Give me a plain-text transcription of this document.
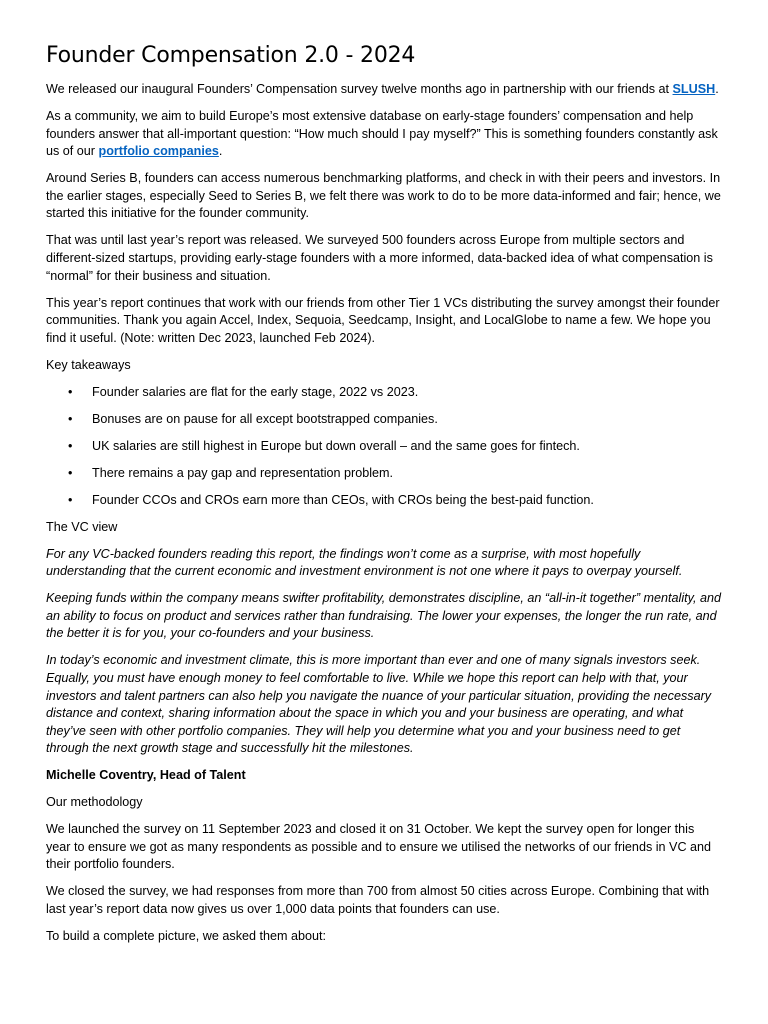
Founder Compensation 2.0 - 2024

We released our inaugural Founders’ Compensation survey twelve months ago in partnership with our friends at SLUSH.

As a community, we aim to build Europe’s most extensive database on early-stage founders’ compensation and help founders answer that all-important question: “How much should I pay myself?” This is something founders constantly ask us of our portfolio companies.

Around Series B, founders can access numerous benchmarking platforms, and check in with their peers and investors. In the earlier stages, especially Seed to Series B, we felt there was work to do to be more data-informed and fair; hence, we started this initiative for the founder community.

That was until last year’s report was released. We surveyed 500 founders across Europe from multiple sectors and different-sized startups, providing early-stage founders with a more informed, data-backed idea of what compensation is “normal” for their business and situation.

This year’s report continues that work with our friends from other Tier 1 VCs distributing the survey amongst their founder communities. Thank you again Accel, Index, Sequoia, Seedcamp, Insight, and LocalGlobe to name a few. We hope you find it useful. (Note: written Dec 2023, launched Feb 2024).

Key takeaways

• Founder salaries are flat for the early stage, 2022 vs 2023.
• Bonuses are on pause for all except bootstrapped companies.
• UK salaries are still highest in Europe but down overall – and the same goes for fintech.
• There remains a pay gap and representation problem.
• Founder CCOs and CROs earn more than CEOs, with CROs being the best-paid function.

The VC view

For any VC-backed founders reading this report, the findings won’t come as a surprise, with most hopefully understanding that the current economic and investment environment is not one where it pays to overpay yourself.

Keeping funds within the company means swifter profitability, demonstrates discipline, an “all-in-it together” mentality, and an ability to focus on product and services rather than fundraising. The lower your expenses, the longer the run rate, and the better it is for you, your co-founders and your business.

In today’s economic and investment climate, this is more important than ever and one of many signals investors seek. Equally, you must have enough money to feel comfortable to live. While we hope this report can help with that, your investors and talent partners can also help you navigate the nuance of your particular situation, providing the necessary distance and context, sharing information about the space in which you and your business are operating, and what they’ve seen with other portfolio companies. They will help you determine what you and your business need to get through the next growth stage and successfully hit the milestones.

Michelle Coventry, Head of Talent

Our methodology

We launched the survey on 11 September 2023 and closed it on 31 October. We kept the survey open for longer this year to ensure we got as many respondents as possible and to ensure we utilised the networks of our friends in VC and their portfolio founders.

We closed the survey, we had responses from more than 700 from almost 50 cities across Europe. Combining that with last year’s report data now gives us over 1,000 data points that founders can use.

To build a complete picture, we asked them about:
